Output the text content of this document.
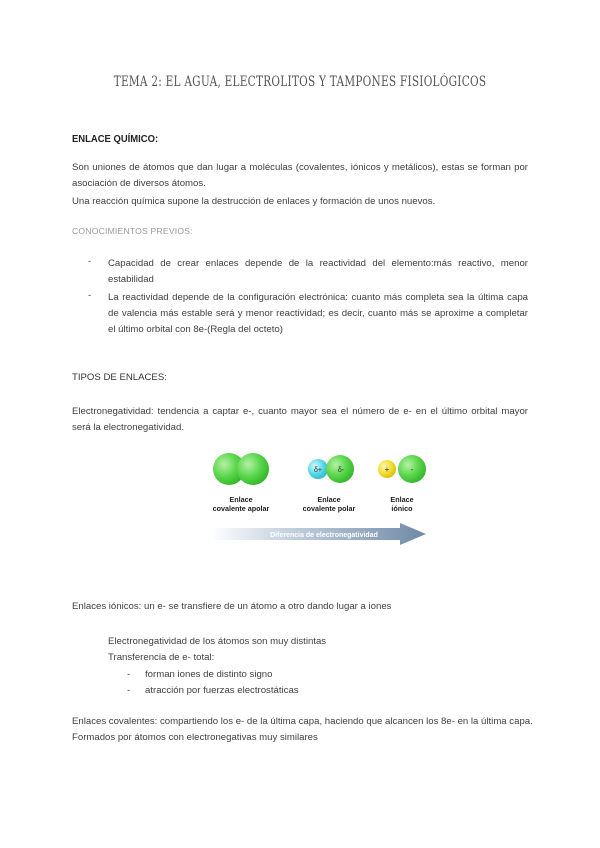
TEMA 2: EL AGUA, ELECTROLITOS Y TAMPONES FISIOLÓGICOS
ENLACE QUÍMICO:
Son uniones de átomos que dan lugar a moléculas (covalentes, iónicos y metálicos), estas se forman por asociación de diversos átomos.
Una reacción química supone la destrucción de enlaces y formación de unos nuevos.
CONOCIMIENTOS PREVIOS:
- Capacidad de crear enlaces depende de la reactividad del elemento:más reactivo, menor estabilidad
- La reactividad depende de la configuración electrónica: cuanto más completa sea la última capa de valencia más estable será y menor reactividad; es decir, cuanto más se aproxime a completar el último orbital con 8e-(Regla del octeto)
TIPOS DE ENLACES:
Electronegatividad: tendencia a captar e-, cuanto mayor sea el número de e- en el último orbital mayor será la electronegatividad.
δ+ δ-	+	-
Enlace
covalente apolar
Enlace
covalente polar
Enlace
iónico
Diferencia de electronegatividad
Enlaces iónicos: un e- se transfiere de un átomo a otro dando lugar a iones
Electronegatividad de los átomos son muy distintas
Transferencia de e- total:
- forman iones de distinto signo
- atracción por fuerzas electrostáticas
Enlaces covalentes: compartiendo los e- de la última capa, haciendo que alcancen los 8e- en la última capa.
Formados por átomos con electronegativas muy similares
